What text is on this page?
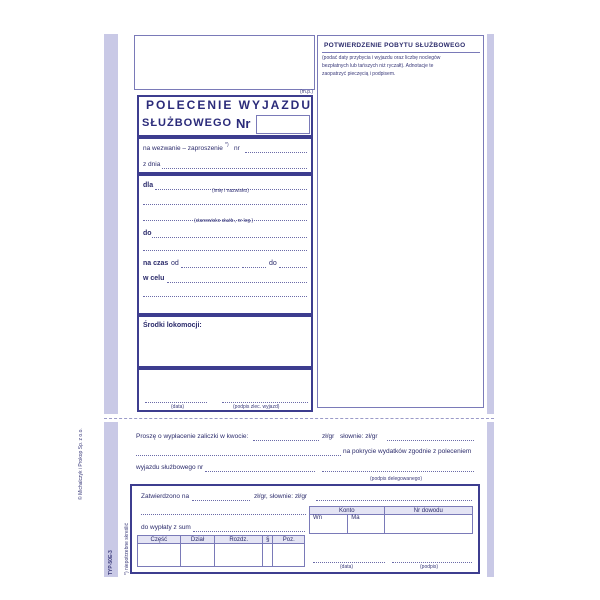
© Michalczyk i Prokop Sp. z o.o.
TYP-50E-3 *) niepotrzebne skreślić
(m.p.)
POTWIERDZENIE POBYTU SŁUŻBOWEGO
(podać daty przybycia i wyjazdu oraz liczbę noclegów
bezpłatnych lub tańszych niż ryczałt). Adnotacje te
zaopatrzyć pieczęcią i podpisem.
POLECENIE WYJAZDU
SŁUŻBOWEGO Nr
na wezwanie – zaproszenie *) nr
z dnia
dla
(imię i nazwisko)
(stanowisko służb., nr leg.)
do
na czas od	do
w celu
Środki lokomocji:
(data)	(podpis zlec. wyjazd)
Proszę o wypłacenie zaliczki w kwocie:	zł/gr słownie: zł/gr
na pokrycie wydatków zgodnie z poleceniem
wyjazdu służbowego nr
(podpis delegowanego)
Zatwierdzono na	zł/gr, słownie: zł/gr
do wypłaty z sum
Konto		Nr dowodu
Wn	Ma	
Część	Dział	Rozdz.	§	Poz.

(data)	(podpis)
